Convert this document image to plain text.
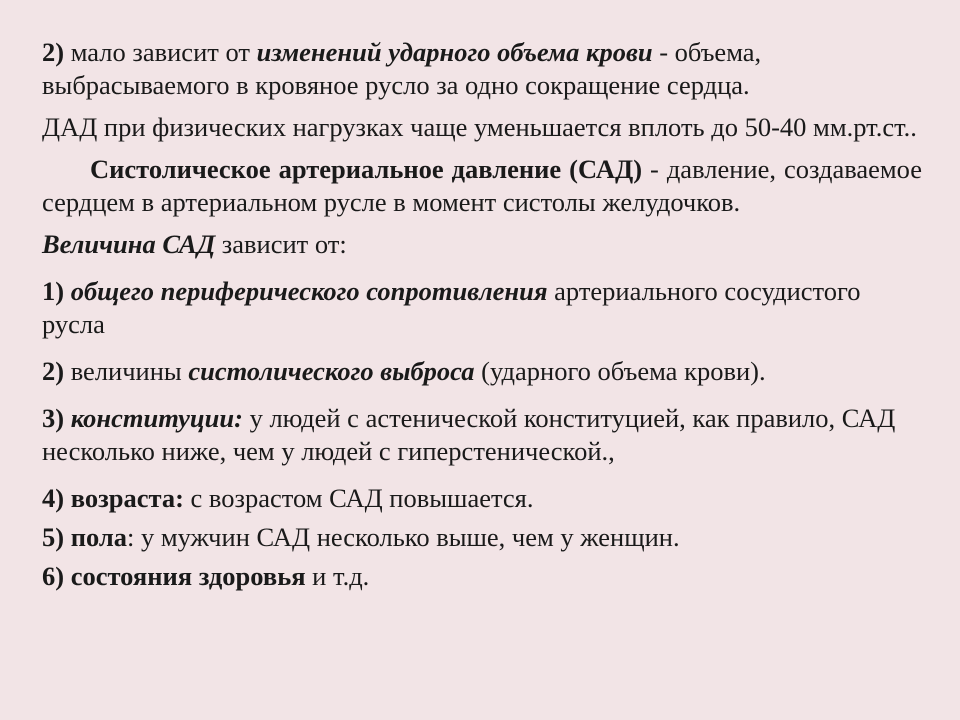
2) мало зависит от изменений ударного объема крови - объема, выбрасываемого в кровяное русло за одно сокращение сердца.

ДАД при физических нагрузках чаще уменьшается вплоть до 50-40 мм.рт.ст..

Систолическое артериальное давление (САД) - давление, создаваемое сердцем в артериальном русле в момент систолы желудочков.

Величина САД зависит от:

1) общего периферического сопротивления артериального сосудистого русла

2) величины систолического выброса (ударного объема крови).

3) конституции: у людей с астенической конституцией, как правило, САД несколько ниже, чем у людей с гиперстенической.,

4) возраста: с возрастом САД повышается.

5) пола: у мужчин САД несколько выше, чем у женщин.

6) состояния здоровья и т.д.
